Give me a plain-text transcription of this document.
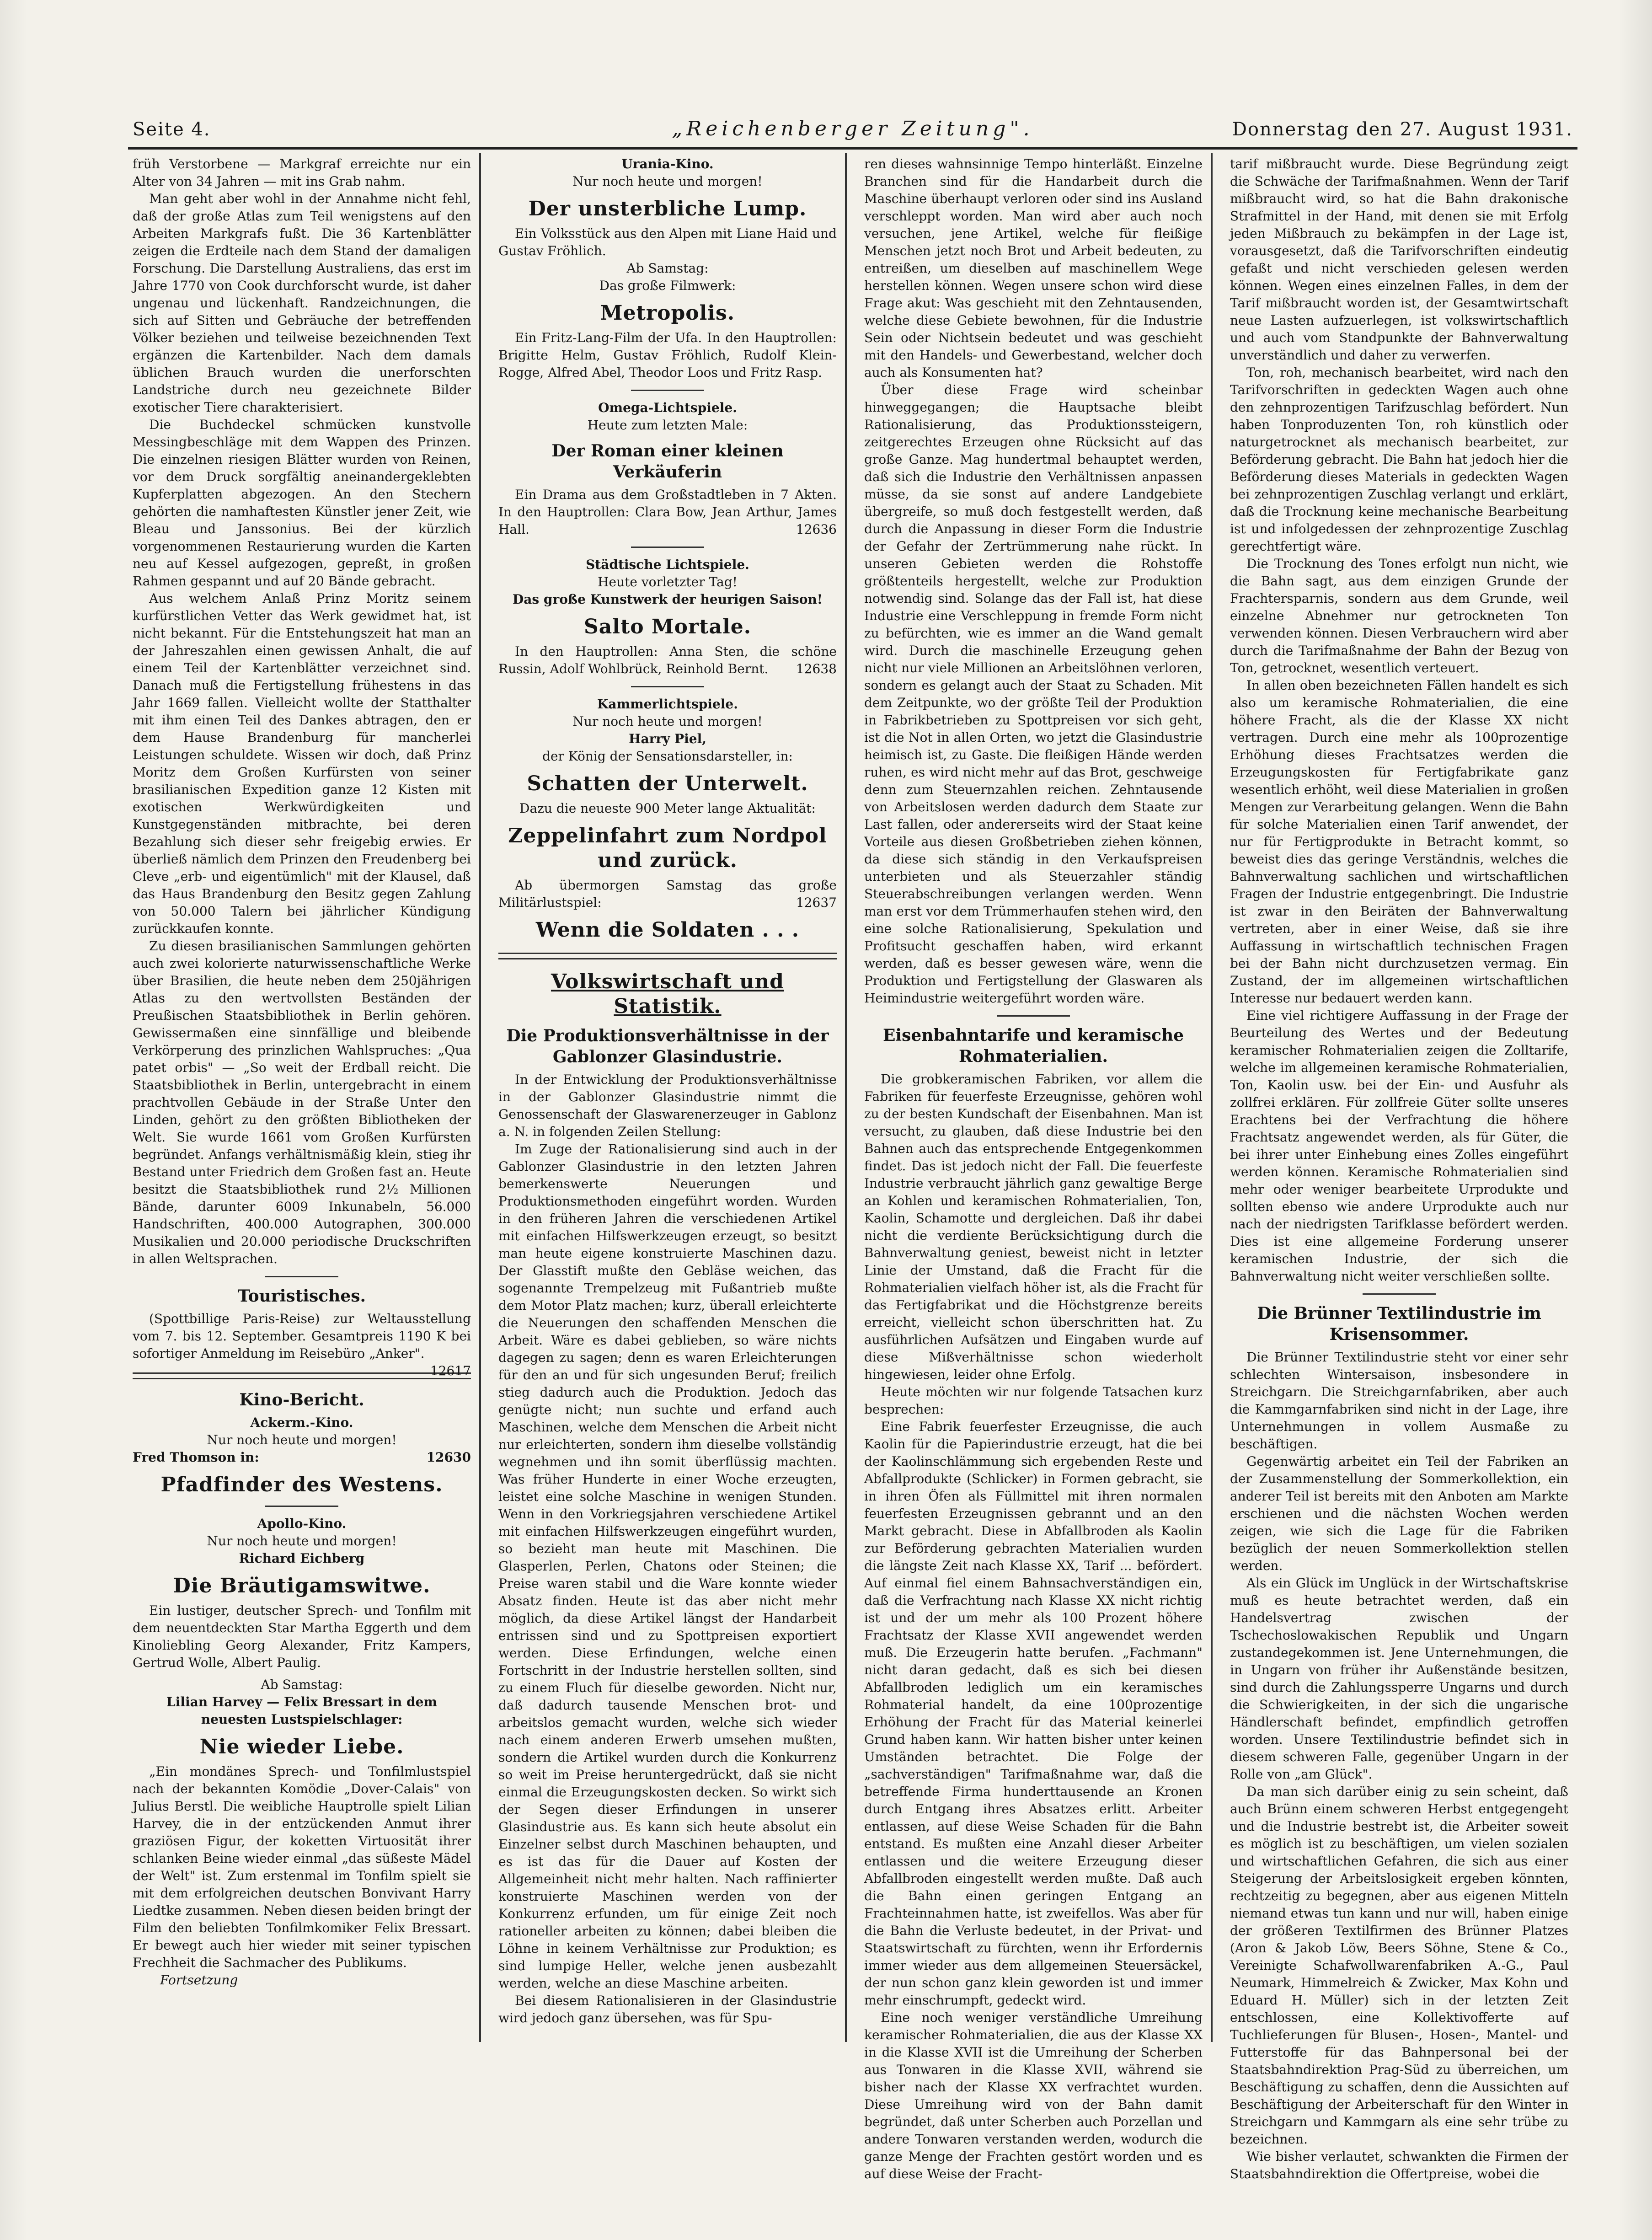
Seite 4.	„Reichenberger Zeitung".	Donnerstag den 27. August 1931.

früh Verstorbene — Markgraf erreichte nur ein Alter von 34 Jahren — mit ins Grab nahm.

Man geht aber wohl in der Annahme nicht fehl, daß der große Atlas zum Teil wenigstens auf den Arbeiten Markgrafs fußt. Die 36 Kartenblätter zeigen die Erdteile nach dem Stand der damaligen Forschung. Die Darstellung Australiens, das erst im Jahre 1770 von Cook durchforscht wurde, ist daher ungenau und lückenhaft. Randzeichnungen, die sich auf Sitten und Gebräuche der betreffenden Völker beziehen und teilweise bezeichnenden Text ergänzen die Kartenbilder. Nach dem damals üblichen Brauch wurden die unerforschten Landstriche durch neu gezeichnete Bilder exotischer Tiere charakterisiert.

Die Buchdeckel schmücken kunstvolle Messingbeschläge mit dem Wappen des Prinzen. Die einzelnen riesigen Blätter wurden von Reinen, vor dem Druck sorgfältig aneinandergeklebten Kupferplatten abgezogen. An den Stechern gehörten die namhaftesten Künstler jener Zeit, wie Bleau und Janssonius. Bei der kürzlich vorgenommenen Restaurierung wurden die Karten neu auf Kessel aufgezogen, gepreßt, in großen Rahmen gespannt und auf 20 Bände gebracht.

Aus welchem Anlaß Prinz Moritz seinem kurfürstlichen Vetter das Werk gewidmet hat, ist nicht bekannt. Für die Entstehungszeit hat man an der Jahreszahlen einen gewissen Anhalt, die auf einem Teil der Kartenblätter verzeichnet sind. Danach muß die Fertigstellung frühestens in das Jahr 1669 fallen. Vielleicht wollte der Statthalter mit ihm einen Teil des Dankes abtragen, den er dem Hause Brandenburg für mancherlei Leistungen schuldete. Wissen wir doch, daß Prinz Moritz dem Großen Kurfürsten von seiner brasilianischen Expedition ganze 12 Kisten mit exotischen Werkwürdigkeiten und Kunstgegenständen mitbrachte, bei deren Bezahlung sich dieser sehr freigebig erwies. Er überließ nämlich dem Prinzen den Freudenberg bei Cleve „erb- und eigentümlich" mit der Klausel, daß das Haus Brandenburg den Besitz gegen Zahlung von 50.000 Talern bei jährlicher Kündigung zurückkaufen konnte.

Zu diesen brasilianischen Sammlungen gehörten auch zwei kolorierte naturwissenschaftliche Werke über Brasilien, die heute neben dem 250jährigen Atlas zu den wertvollsten Beständen der Preußischen Staatsbibliothek in Berlin gehören. Gewissermaßen eine sinnfällige und bleibende Verkörperung des prinzlichen Wahlspruches: „Qua patet orbis" — „So weit der Erdball reicht. Die Staatsbibliothek in Berlin, untergebracht in einem prachtvollen Gebäude in der Straße Unter den Linden, gehört zu den größten Bibliotheken der Welt. Sie wurde 1661 vom Großen Kurfürsten begründet. Anfangs verhältnismäßig klein, stieg ihr Bestand unter Friedrich dem Großen fast an. Heute besitzt die Staatsbibliothek rund 2½ Millionen Bände, darunter 6009 Inkunabeln, 56.000 Handschriften, 400.000 Autographen, 300.000 Musikalien und 20.000 periodische Druckschriften in allen Weltsprachen.

Touristisches.

(Spottbillige Paris-Reise) zur Weltausstellung vom 7. bis 12. September. Gesamtpreis 1190 K bei sofortiger Anmeldung im Reisebüro „Anker".
12617

Kino-Bericht.
Ackerm.-Kino.
Nur noch heute und morgen!
Fred Thomson in:	12630
Pfadfinder des Westens.
Apollo-Kino.
Nur noch heute und morgen!
Richard Eichberg
Die Bräutigamswitwe.

Ein lustiger, deutscher Sprech- und Tonfilm mit dem neuentdeckten Star Martha Eggerth und dem Kinoliebling Georg Alexander, Fritz Kampers, Gertrud Wolle, Albert Paulig.

Ab Samstag:
Lilian Harvey — Felix Bressart in dem neuesten Lustspielschlager:
Nie wieder Liebe.

„Ein mondänes Sprech- und Tonfilmlustspiel nach der bekannten Komödie „Dover-Calais" von Julius Berstl. Die weibliche Hauptrolle spielt Lilian Harvey, die in der entzückenden Anmut ihrer graziösen Figur, der koketten Virtuosität ihrer schlanken Beine wieder einmal „das süßeste Mädel der Welt" ist. Zum erstenmal im Tonfilm spielt sie mit dem erfolgreichen deutschen Bonvivant Harry Liedtke zusammen. Neben diesen beiden bringt der Film den beliebten Tonfilmkomiker Felix Bressart. Er bewegt auch hier wieder mit seiner typischen Frechheit die Sachmacher des Publikums.

Fortsetzung
Urania-Kino.
Nur noch heute und morgen!
Der unsterbliche Lump.

Ein Volksstück aus den Alpen mit Liane Haid und Gustav Fröhlich.

Ab Samstag:
Das große Filmwerk:
Metropolis.

Ein Fritz-Lang-Film der Ufa. In den Hauptrollen: Brigitte Helm, Gustav Fröhlich, Rudolf Klein-Rogge, Alfred Abel, Theodor Loos und Fritz Rasp.

Omega-Lichtspiele.
Heute zum letzten Male:
Der Roman einer kleinen Verkäuferin

Ein Drama aus dem Großstadtleben in 7 Akten. In den Hauptrollen: Clara Bow, Jean Arthur, James Hall.	12636

Städtische Lichtspiele.
Heute vorletzter Tag!
Das große Kunstwerk der heurigen Saison!
Salto Mortale.

In den Hauptrollen: Anna Sten, die schöne Russin, Adolf Wohlbrück, Reinhold Bernt.	12638

Kammerlichtspiele.
Nur noch heute und morgen!
Harry Piel,
der König der Sensationsdarsteller, in:
Schatten der Unterwelt.
Dazu die neueste 900 Meter lange Aktualität:
Zeppelinfahrt zum Nordpol und zurück.

Ab übermorgen Samstag das große Militärlustspiel:	12637

Wenn die Soldaten . . .
Volkswirtschaft und Statistik.
Die Produktionsverhältnisse in der Gablonzer Glasindustrie.

In der Entwicklung der Produktionsverhältnisse in der Gablonzer Glasindustrie nimmt die Genossenschaft der Glaswarenerzeuger in Gablonz a. N. in folgenden Zeilen Stellung:

Im Zuge der Rationalisierung sind auch in der Gablonzer Glasindustrie in den letzten Jahren bemerkenswerte Neuerungen und Produktionsmethoden eingeführt worden. Wurden in den früheren Jahren die verschiedenen Artikel mit einfachen Hilfswerkzeugen erzeugt, so besitzt man heute eigene konstruierte Maschinen dazu. Der Glasstift mußte den Gebläse weichen, das sogenannte Trempelzeug mit Fußantrieb mußte dem Motor Platz machen; kurz, überall erleichterte die Neuerungen den schaffenden Menschen die Arbeit. Wäre es dabei geblieben, so wäre nichts dagegen zu sagen; denn es waren Erleichterungen für den an und für sich ungesunden Beruf; freilich stieg dadurch auch die Produktion. Jedoch das genügte nicht; nun suchte und erfand auch Maschinen, welche dem Menschen die Arbeit nicht nur erleichterten, sondern ihm dieselbe vollständig wegnehmen und ihn somit überflüssig machten. Was früher Hunderte in einer Woche erzeugten, leistet eine solche Maschine in wenigen Stunden. Wenn in den Vorkriegsjahren verschiedene Artikel mit einfachen Hilfswerkzeugen eingeführt wurden, so bezieht man heute mit Maschinen. Die Glasperlen, Perlen, Chatons oder Steinen; die Preise waren stabil und die Ware konnte wieder Absatz finden. Heute ist das aber nicht mehr möglich, da diese Artikel längst der Handarbeit entrissen sind und zu Spottpreisen exportiert werden. Diese Erfindungen, welche einen Fortschritt in der Industrie herstellen sollten, sind zu einem Fluch für dieselbe geworden. Nicht nur, daß dadurch tausende Menschen brot- und arbeitslos gemacht wurden, welche sich wieder nach einem anderen Erwerb umsehen mußten, sondern die Artikel wurden durch die Konkurrenz so weit im Preise heruntergedrückt, daß sie nicht einmal die Erzeugungskosten decken. So wirkt sich der Segen dieser Erfindungen in unserer Glasindustrie aus. Es kann sich heute absolut ein Einzelner selbst durch Maschinen behaupten, und es ist das für die Dauer auf Kosten der Allgemeinheit nicht mehr halten. Nach raffinierter konstruierte Maschinen werden von der Konkurrenz erfunden, um für einige Zeit noch rationeller arbeiten zu können; dabei bleiben die Löhne in keinem Verhältnisse zur Produktion; es sind lumpige Heller, welche jenen ausbezahlt werden, welche an diese Maschine arbeiten.

Bei diesem Rationalisieren in der Glasindustrie wird jedoch ganz übersehen, was für Spu-

ren dieses wahnsinnige Tempo hinterläßt. Einzelne Branchen sind für die Handarbeit durch die Maschine überhaupt verloren oder sind ins Ausland verschleppt worden. Man wird aber auch noch versuchen, jene Artikel, welche für fleißige Menschen jetzt noch Brot und Arbeit bedeuten, zu entreißen, um dieselben auf maschinellem Wege herstellen können. Wegen unsere schon wird diese Frage akut: Was geschieht mit den Zehntausenden, welche diese Gebiete bewohnen, für die Industrie Sein oder Nichtsein bedeutet und was geschieht mit den Handels- und Gewerbestand, welcher doch auch als Konsumenten hat?

Über diese Frage wird scheinbar hinweggegangen; die Hauptsache bleibt Rationalisierung, das Produktionssteigern, zeitgerechtes Erzeugen ohne Rücksicht auf das große Ganze. Mag hundertmal behauptet werden, daß sich die Industrie den Verhältnissen anpassen müsse, da sie sonst auf andere Landgebiete übergreife, so muß doch festgestellt werden, daß durch die Anpassung in dieser Form die Industrie der Gefahr der Zertrümmerung nahe rückt. In unseren Gebieten werden die Rohstoffe größtenteils hergestellt, welche zur Produktion notwendig sind. Solange das der Fall ist, hat diese Industrie eine Verschleppung in fremde Form nicht zu befürchten, wie es immer an die Wand gemalt wird. Durch die maschinelle Erzeugung gehen nicht nur viele Millionen an Arbeitslöhnen verloren, sondern es gelangt auch der Staat zu Schaden. Mit dem Zeitpunkte, wo der größte Teil der Produktion in Fabrikbetrieben zu Spottpreisen vor sich geht, ist die Not in allen Orten, wo jetzt die Glasindustrie heimisch ist, zu Gaste. Die fleißigen Hände werden ruhen, es wird nicht mehr auf das Brot, geschweige denn zum Steuernzahlen reichen. Zehntausende von Arbeitslosen werden dadurch dem Staate zur Last fallen, oder andererseits wird der Staat keine Vorteile aus diesen Großbetrieben ziehen können, da diese sich ständig in den Verkaufspreisen unterbieten und als Steuerzahler ständig Steuerabschreibungen verlangen werden. Wenn man erst vor dem Trümmerhaufen stehen wird, den eine solche Rationalisierung, Spekulation und Profitsucht geschaffen haben, wird erkannt werden, daß es besser gewesen wäre, wenn die Produktion und Fertigstellung der Glaswaren als Heimindustrie weitergeführt worden wäre.

Eisenbahntarife und keramische Rohmaterialien.

Die grobkeramischen Fabriken, vor allem die Fabriken für feuerfeste Erzeugnisse, gehören wohl zu der besten Kundschaft der Eisenbahnen. Man ist versucht, zu glauben, daß diese Industrie bei den Bahnen auch das entsprechende Entgegenkommen findet. Das ist jedoch nicht der Fall. Die feuerfeste Industrie verbraucht jährlich ganz gewaltige Berge an Kohlen und keramischen Rohmaterialien, Ton, Kaolin, Schamotte und dergleichen. Daß ihr dabei nicht die verdiente Berücksichtigung durch die Bahnverwaltung geniest, beweist nicht in letzter Linie der Umstand, daß die Fracht für die Rohmaterialien vielfach höher ist, als die Fracht für das Fertigfabrikat und die Höchstgrenze bereits erreicht, vielleicht schon überschritten hat. Zu ausführlichen Aufsätzen und Eingaben wurde auf diese Mißverhältnisse schon wiederholt hingewiesen, leider ohne Erfolg.

Heute möchten wir nur folgende Tatsachen kurz besprechen:

Eine Fabrik feuerfester Erzeugnisse, die auch Kaolin für die Papierindustrie erzeugt, hat die bei der Kaolinschlämmung sich ergebenden Reste und Abfallprodukte (Schlicker) in Formen gebracht, sie in ihren Öfen als Füllmittel mit ihren normalen feuerfesten Erzeugnissen gebrannt und an den Markt gebracht. Diese in Abfallbroden als Kaolin zur Beförderung gebrachten Materialien wurden die längste Zeit nach Klasse XX, Tarif ... befördert. Auf einmal fiel einem Bahnsachverständigen ein, daß die Verfrachtung nach Klasse XX nicht richtig ist und der um mehr als 100 Prozent höhere Frachtsatz der Klasse XVII angewendet werden muß. Die Erzeugerin hatte berufen. „Fachmann" nicht daran gedacht, daß es sich bei diesen Abfallbroden lediglich um ein keramisches Rohmaterial handelt, da eine 100prozentige Erhöhung der Fracht für das Material keinerlei Grund haben kann. Wir hatten bisher unter keinen Umständen betrachtet. Die Folge der „sachverständigen" Tarifmaßnahme war, daß die betreffende Firma hunderttausende an Kronen durch Entgang ihres Absatzes erlitt. Arbeiter entlassen, auf diese Weise Schaden für die Bahn entstand. Es mußten eine Anzahl dieser Arbeiter entlassen und die weitere Erzeugung dieser Abfallbroden eingestellt werden mußte. Daß auch die Bahn einen geringen Entgang an Frachteinnahmen hatte, ist zweifellos. Was aber für die Bahn die Verluste bedeutet, in der Privat- und Staatswirtschaft zu fürchten, wenn ihr Erfordernis immer wieder aus dem allgemeinen Steuersäckel, der nun schon ganz klein geworden ist und immer mehr einschrumpft, gedeckt wird.

Eine noch weniger verständliche Umreihung keramischer Rohmaterialien, die aus der Klasse XX in die Klasse XVII ist die Umreihung der Scherben aus Tonwaren in die Klasse XVII, während sie bisher nach der Klasse XX verfrachtet wurden. Diese Umreihung wird von der Bahn damit begründet, daß unter Scherben auch Porzellan und andere Tonwaren verstanden werden, wodurch die ganze Menge der Frachten gestört worden und es auf diese Weise der Fracht-

tarif mißbraucht wurde. Diese Begründung zeigt die Schwäche der Tarifmaßnahmen. Wenn der Tarif mißbraucht wird, so hat die Bahn drakonische Strafmittel in der Hand, mit denen sie mit Erfolg jeden Mißbrauch zu bekämpfen in der Lage ist, vorausgesetzt, daß die Tarifvorschriften eindeutig gefaßt und nicht verschieden gelesen werden können. Wegen eines einzelnen Falles, in dem der Tarif mißbraucht worden ist, der Gesamtwirtschaft neue Lasten aufzuerlegen, ist volkswirtschaftlich und auch vom Standpunkte der Bahnverwaltung unverständlich und daher zu verwerfen.

Ton, roh, mechanisch bearbeitet, wird nach den Tarifvorschriften in gedeckten Wagen auch ohne den zehnprozentigen Tarifzuschlag befördert. Nun haben Tonproduzenten Ton, roh künstlich oder naturgetrocknet als mechanisch bearbeitet, zur Beförderung gebracht. Die Bahn hat jedoch hier die Beförderung dieses Materials in gedeckten Wagen bei zehnprozentigen Zuschlag verlangt und erklärt, daß die Trocknung keine mechanische Bearbeitung ist und infolgedessen der zehnprozentige Zuschlag gerechtfertigt wäre.

Die Trocknung des Tones erfolgt nun nicht, wie die Bahn sagt, aus dem einzigen Grunde der Frachtersparnis, sondern aus dem Grunde, weil einzelne Abnehmer nur getrockneten Ton verwenden können. Diesen Verbrauchern wird aber durch die Tarifmaßnahme der Bahn der Bezug von Ton, getrocknet, wesentlich verteuert.

In allen oben bezeichneten Fällen handelt es sich also um keramische Rohmaterialien, die eine höhere Fracht, als die der Klasse XX nicht vertragen. Durch eine mehr als 100prozentige Erhöhung dieses Frachtsatzes werden die Erzeugungskosten für Fertigfabrikate ganz wesentlich erhöht, weil diese Materialien in großen Mengen zur Verarbeitung gelangen. Wenn die Bahn für solche Materialien einen Tarif anwendet, der nur für Fertigprodukte in Betracht kommt, so beweist dies das geringe Verständnis, welches die Bahnverwaltung sachlichen und wirtschaftlichen Fragen der Industrie entgegenbringt. Die Industrie ist zwar in den Beiräten der Bahnverwaltung vertreten, aber in einer Weise, daß sie ihre Auffassung in wirtschaftlich technischen Fragen bei der Bahn nicht durchzusetzen vermag. Ein Zustand, der im allgemeinen wirtschaftlichen Interesse nur bedauert werden kann.

Eine viel richtigere Auffassung in der Frage der Beurteilung des Wertes und der Bedeutung keramischer Rohmaterialien zeigen die Zolltarife, welche im allgemeinen keramische Rohmaterialien, Ton, Kaolin usw. bei der Ein- und Ausfuhr als zollfrei erklären. Für zollfreie Güter sollte unseres Erachtens bei der Verfrachtung die höhere Frachtsatz angewendet werden, als für Güter, die bei ihrer unter Einhebung eines Zolles eingeführt werden können. Keramische Rohmaterialien sind mehr oder weniger bearbeitete Urprodukte und sollten ebenso wie andere Urprodukte auch nur nach der niedrigsten Tarifklasse befördert werden. Dies ist eine allgemeine Forderung unserer keramischen Industrie, der sich die Bahnverwaltung nicht weiter verschließen sollte.

Die Brünner Textilindustrie im Krisensommer.

Die Brünner Textilindustrie steht vor einer sehr schlechten Wintersaison, insbesondere in Streichgarn. Die Streichgarnfabriken, aber auch die Kammgarnfabriken sind nicht in der Lage, ihre Unternehmungen in vollem Ausmaße zu beschäftigen.

Gegenwärtig arbeitet ein Teil der Fabriken an der Zusammenstellung der Sommerkollektion, ein anderer Teil ist bereits mit den Anboten am Markte erschienen und die nächsten Wochen werden zeigen, wie sich die Lage für die Fabriken bezüglich der neuen Sommerkollektion stellen werden.

Als ein Glück im Unglück in der Wirtschaftskrise muß es heute betrachtet werden, daß ein Handelsvertrag zwischen der Tschechoslowakischen Republik und Ungarn zustandegekommen ist. Jene Unternehmungen, die in Ungarn von früher ihr Außenstände besitzen, sind durch die Zahlungssperre Ungarns und durch die Schwierigkeiten, in der sich die ungarische Händlerschaft befindet, empfindlich getroffen worden. Unsere Textilindustrie befindet sich in diesem schweren Falle, gegenüber Ungarn in der Rolle von „am Glück".

Da man sich darüber einig zu sein scheint, daß auch Brünn einem schweren Herbst entgegengeht und die Industrie bestrebt ist, die Arbeiter soweit es möglich ist zu beschäftigen, um vielen sozialen und wirtschaftlichen Gefahren, die sich aus einer Steigerung der Arbeitslosigkeit ergeben könnten, rechtzeitig zu begegnen, aber aus eigenen Mitteln niemand etwas tun kann und nur will, haben einige der größeren Textilfirmen des Brünner Platzes (Aron & Jakob Löw, Beers Söhne, Stene & Co., Vereinigte Schafwollwarenfabriken A.-G., Paul Neumark, Himmelreich & Zwicker, Max Kohn und Eduard H. Müller) sich in der letzten Zeit entschlossen, eine Kollektivofferte auf Tuchlieferungen für Blusen-, Hosen-, Mantel- und Futterstoffe für das Bahnpersonal bei der Staatsbahndirektion Prag-Süd zu überreichen, um Beschäftigung zu schaffen, denn die Aussichten auf Beschäftigung der Arbeiterschaft für den Winter in Streichgarn und Kammgarn als eine sehr trübe zu bezeichnen.

Wie bisher verlautet, schwankten die Firmen der Staatsbahndirektion die Offertpreise, wobei die
